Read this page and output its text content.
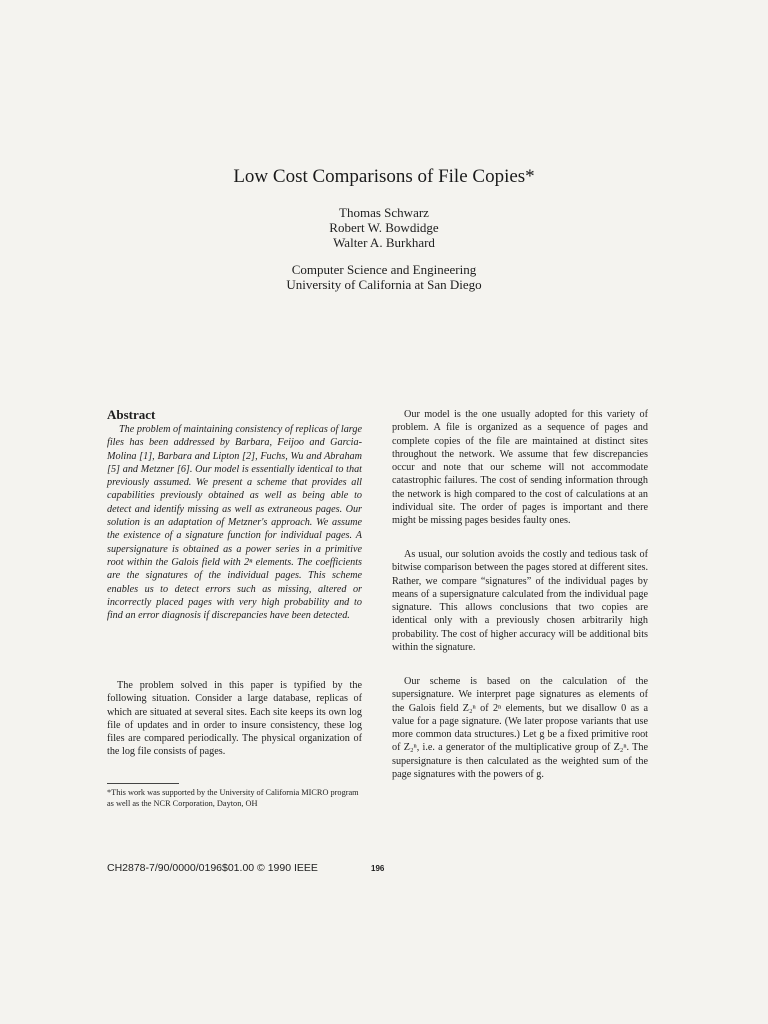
Low Cost Comparisons of File Copies*
Thomas Schwarz
Robert W. Bowdidge
Walter A. Burkhard
Computer Science and Engineering
University of California at San Diego
Abstract

The problem of maintaining consistency of replicas of large files has been addressed by Barbara, Feijoo and Garcia-Molina [1], Barbara and Lipton [2], Fuchs, Wu and Abraham [5] and Metzner [6]. Our model is essentially identical to that previously assumed. We present a scheme that provides all capabilities previously obtained as well as being able to detect and identify missing as well as extraneous pages. Our solution is an adaptation of Metzner's approach. We assume the existence of a signature function for individual pages. A supersignature is obtained as a power series in a primitive root within the Galois field with 2ⁿ elements. The coefficients are the signatures of the individual pages. This scheme enables us to detect errors such as missing, altered or incorrectly placed pages with very high probability and to find an error diagnosis if discrepancies have been detected.

The problem solved in this paper is typified by the following situation. Consider a large database, replicas of which are situated at several sites. Each site keeps its own log file of updates and in order to insure consistency, these log files are compared periodically. The physical organization of the log file consists of pages.

*This work was supported by the University of California MICRO program as well as the NCR Corporation, Dayton, OH

Our model is the one usually adopted for this variety of problem. A file is organized as a sequence of pages and complete copies of the file are maintained at distinct sites throughout the network. We assume that few discrepancies occur and note that our scheme will not accommodate catastrophic failures. The cost of sending information through the network is high compared to the cost of calculations at an individual site. The order of pages is important and there might be missing pages besides faulty ones.

As usual, our solution avoids the costly and tedious task of bitwise comparison between the pages stored at different sites. Rather, we compare “signatures” of the individual pages by means of a supersignature calculated from the individual page signature. This allows conclusions that two copies are identical only with a previously chosen arbitrarily high probability. The cost of higher accuracy will be additional bits within the signature.

Our scheme is based on the calculation of the supersignature. We interpret page signatures as elements of the Galois field Z₂ⁿ of 2ⁿ elements, but we disallow 0 as a value for a page signature. (We later propose variants that use more common data structures.) Let g be a fixed primitive root of Z₂ⁿ, i.e. a generator of the multiplicative group of Z₂ⁿ. The supersignature is then calculated as the weighted sum of the page signatures with the powers of g.

CH2878-7/90/0000/0196$01.00 © 1990 IEEE	196
